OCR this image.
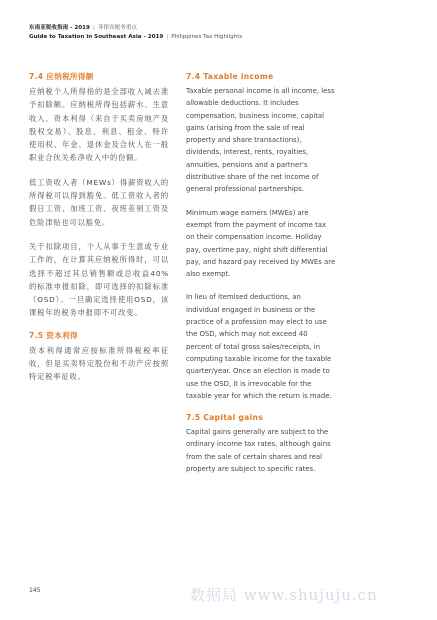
东南亚税收指南 - 2019 | 菲律宾税务重点
Guide to Taxation in Southeast Asia - 2019 | Philippines Tax Highlights
7.4 应纳税所得额

应纳税个人所得指的是全部收入减去准予扣除额。应纳税所得包括薪水、生意收入、资本利得（来自于买卖房地产及股权交易）、股息、利息、租金、特许使用权、年金、退休金及合伙人在一般职业合伙关系净收入中的份额。

低工资收入者（MEWs）得薪资收入的所得税可以得到豁免。低工资收入者的假日工资、加班工资、夜班差别工资及危险津贴也可以豁免。

关于扣除项目，个人从事于生意或专业工作的，在计算其应纳税所得时，可以选择不超过其总销售额或总收益40%的标准申报扣除，即可选择的扣除标准（OSD）。一旦确定选择使用OSD，该课税年的税务申报即不可改变。

7.5 资本利得

资本利得通常应按标准所得税税率征收，但是买卖特定股份和不动产应按照特定税率征收。

7.4 Taxable income

Taxable personal income is all income, less allowable deductions. It includes compensation, business income, capital gains (arising from the sale of real property and share transactions), dividends, interest, rents, royalties, annuities, pensions and a partner's distributive share of the net income of general professional partnerships.

Minimum wage earners (MWEs) are exempt from the payment of income tax on their compensation income. Holiday pay, overtime pay, night shift differential pay, and hazard pay received by MWEs are also exempt.

In lieu of itemised deductions, an individual engaged in business or the practice of a profession may elect to use the OSD, which may not exceed 40 percent of total gross sales/receipts, in computing taxable income for the taxable quarter/year. Once an election is made to use the OSD, it is irrevocable for the taxable year for which the return is made.

7.5 Capital gains

Capital gains generally are subject to the ordinary income tax rates, although gains from the sale of certain shares and real property are subject to specific rates.

145	数据局 www.shujuju.cn
